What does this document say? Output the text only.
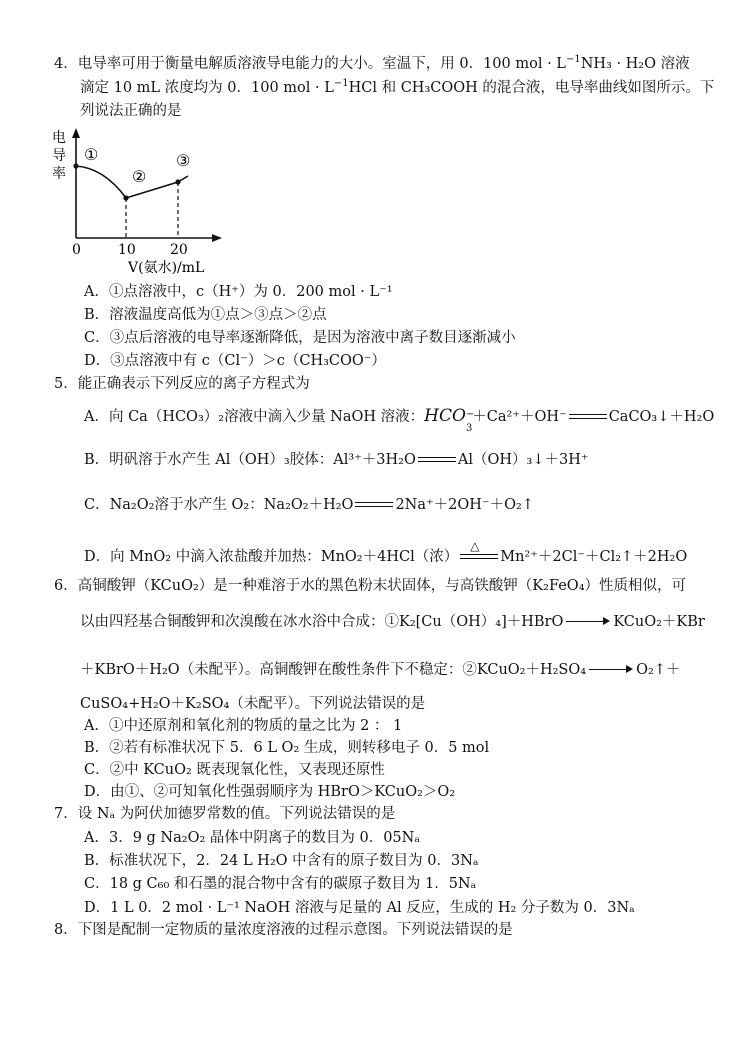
4．电导率可用于衡量电解质溶液导电能力的大小。室温下，用 0．100 mol · $L^{-1}NH_3 \cdot H_2O$ 溶液
滴定 10 mL 浓度均为 0．100 mol · $L^{-1}HCl$ 和 CH₃COOH 的混合液，电导率曲线如图所示。下
列说法正确的是
电
导
率
①
②
③
0	10 20
V(氨水)/mL
A．①点溶液中，c（H⁺）为 0．200 mol · L⁻¹
B．溶液温度高低为①点＞③点＞②点
C．③点后溶液的电导率逐渐降低，是因为溶液中离子数目逐渐减小
D．③点溶液中有 c（Cl⁻）＞c（CH₃COO⁻）
5．能正确表示下列反应的离子方程式为
A．向 Ca（HCO₃）₂溶液中滴入少量 NaOH 溶液：HCO −
3
＋Ca²⁺＋OH⁻	CaCO₃↓＋H₂O
B．明矾溶于水产生 Al（OH）₃胶体：Al³⁺＋3H₂O	Al（OH）₃↓＋3H⁺
C．Na₂O₂溶于水产生 O₂：Na₂O₂＋H₂O	2Na⁺＋2OH⁻＋O₂↑
D．向 MnO₂ 中滴入浓盐酸并加热：MnO₂＋4HCl（浓）
△
Mn²⁺＋2Cl⁻＋Cl₂↑＋2H₂O
6．高铜酸钾（KCuO₂）是一种难溶于水的黑色粉末状固体，与高铁酸钾（K₂FeO₄）性质相似，可
以由四羟基合铜酸钾和次溴酸在冰水浴中合成：①K₂[Cu（OH）₄]＋HBrO	KCuO₂＋KBr
＋KBrO＋H₂O（未配平）。高铜酸钾在酸性条件下不稳定：②KCuO₂＋H₂SO₄	O₂↑＋
CuSO₄+H₂O＋K₂SO₄（未配平）。下列说法错误的是
A．①中还原剂和氧化剂的物质的量之比为 2 ： 1
B．②若有标准状况下 5．6 L O₂ 生成，则转移电子 0．5 mol
C．②中 KCuO₂ 既表现氧化性，又表现还原性
D．由①、②可知氧化性强弱顺序为 HBrO＞KCuO₂＞O₂
7．设 Nₐ 为阿伏加德罗常数的值。下列说法错误的是
A．3．9 g Na₂O₂ 晶体中阴离子的数目为 0．05Nₐ
B．标准状况下，2．24 L H₂O 中含有的原子数目为 0．3Nₐ
C．18 g C₆₀ 和石墨的混合物中含有的碳原子数目为 1．5Nₐ
D．1 L 0．2 mol · L⁻¹ NaOH 溶液与足量的 Al 反应，生成的 H₂ 分子数为 0．3Nₐ
8．下图是配制一定物质的量浓度溶液的过程示意图。下列说法错误的是
